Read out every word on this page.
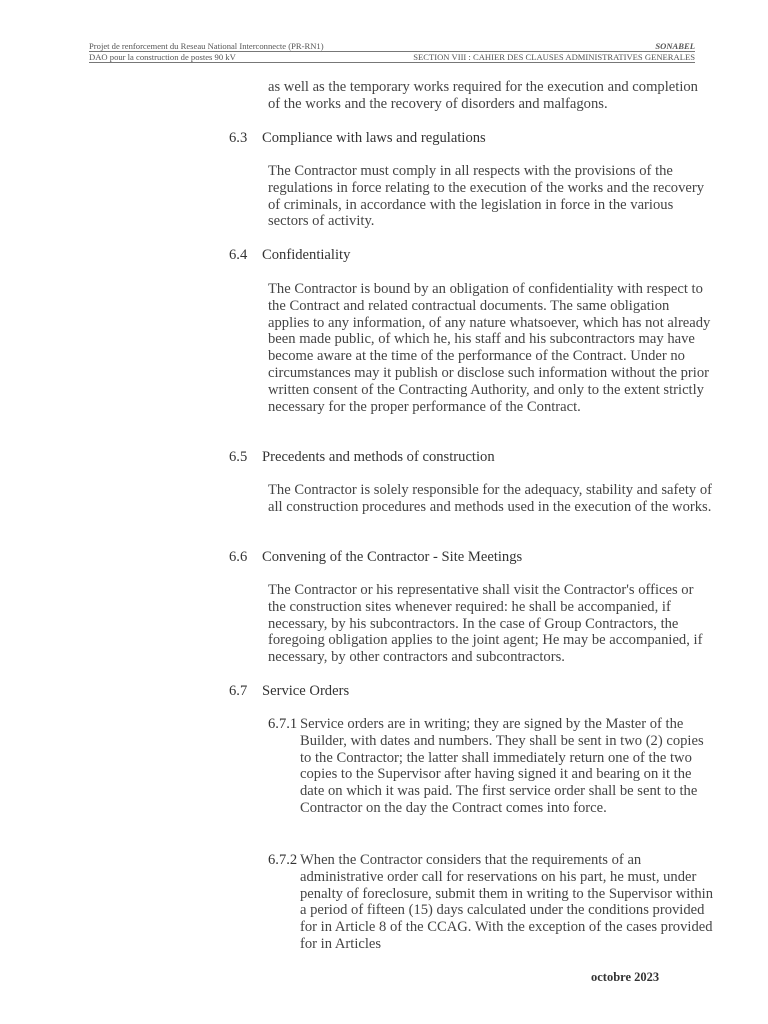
Projet de renforcement du Reseau National Interconnecte (PR-RN1)	SONABEL
DAO pour la construction de postes 90 kV	SECTION VIII : CAHIER DES CLAUSES ADMINISTRATIVES GENERALES
as well as the temporary works required for the execution and completion of the works and the recovery of disorders and malfagons.
6.3 Compliance with laws and regulations
The Contractor must comply in all respects with the provisions of the regulations in force relating to the execution of the works and the recovery of criminals, in accordance with the legislation in force in the various sectors of activity.
6.4 Confidentiality
The Contractor is bound by an obligation of confidentiality with respect to the Contract and related contractual documents. The same obligation applies to any information, of any nature whatsoever, which has not already been made public, of which he, his staff and his subcontractors may have become aware at the time of the performance of the Contract. Under no circumstances may it publish or disclose such information without the prior written consent of the Contracting Authority, and only to the extent strictly necessary for the proper performance of the Contract.
6.5 Precedents and methods of construction
The Contractor is solely responsible for the adequacy, stability and safety of all construction procedures and methods used in the execution of the works.
6.6 Convening of the Contractor - Site Meetings
The Contractor or his representative shall visit the Contractor's offices or the construction sites whenever required: he shall be accompanied, if necessary, by his subcontractors. In the case of Group Contractors, the foregoing obligation applies to the joint agent; He may be accompanied, if necessary, by other contractors and subcontractors.
6.7 Service Orders
6.7.1 Service orders are in writing; they are signed by the Master of the Builder, with dates and numbers. They shall be sent in two (2) copies to the Contractor; the latter shall immediately return one of the two copies to the Supervisor after having signed it and bearing on it the date on which it was paid. The first service order shall be sent to the Contractor on the day the Contract comes into force.
6.7.2 When the Contractor considers that the requirements of an administrative order call for reservations on his part, he must, under penalty of foreclosure, submit them in writing to the Supervisor within a period of fifteen (15) days calculated under the conditions provided for in Article 8 of the CCAG. With the exception of the cases provided for in Articles
octobre 2023
